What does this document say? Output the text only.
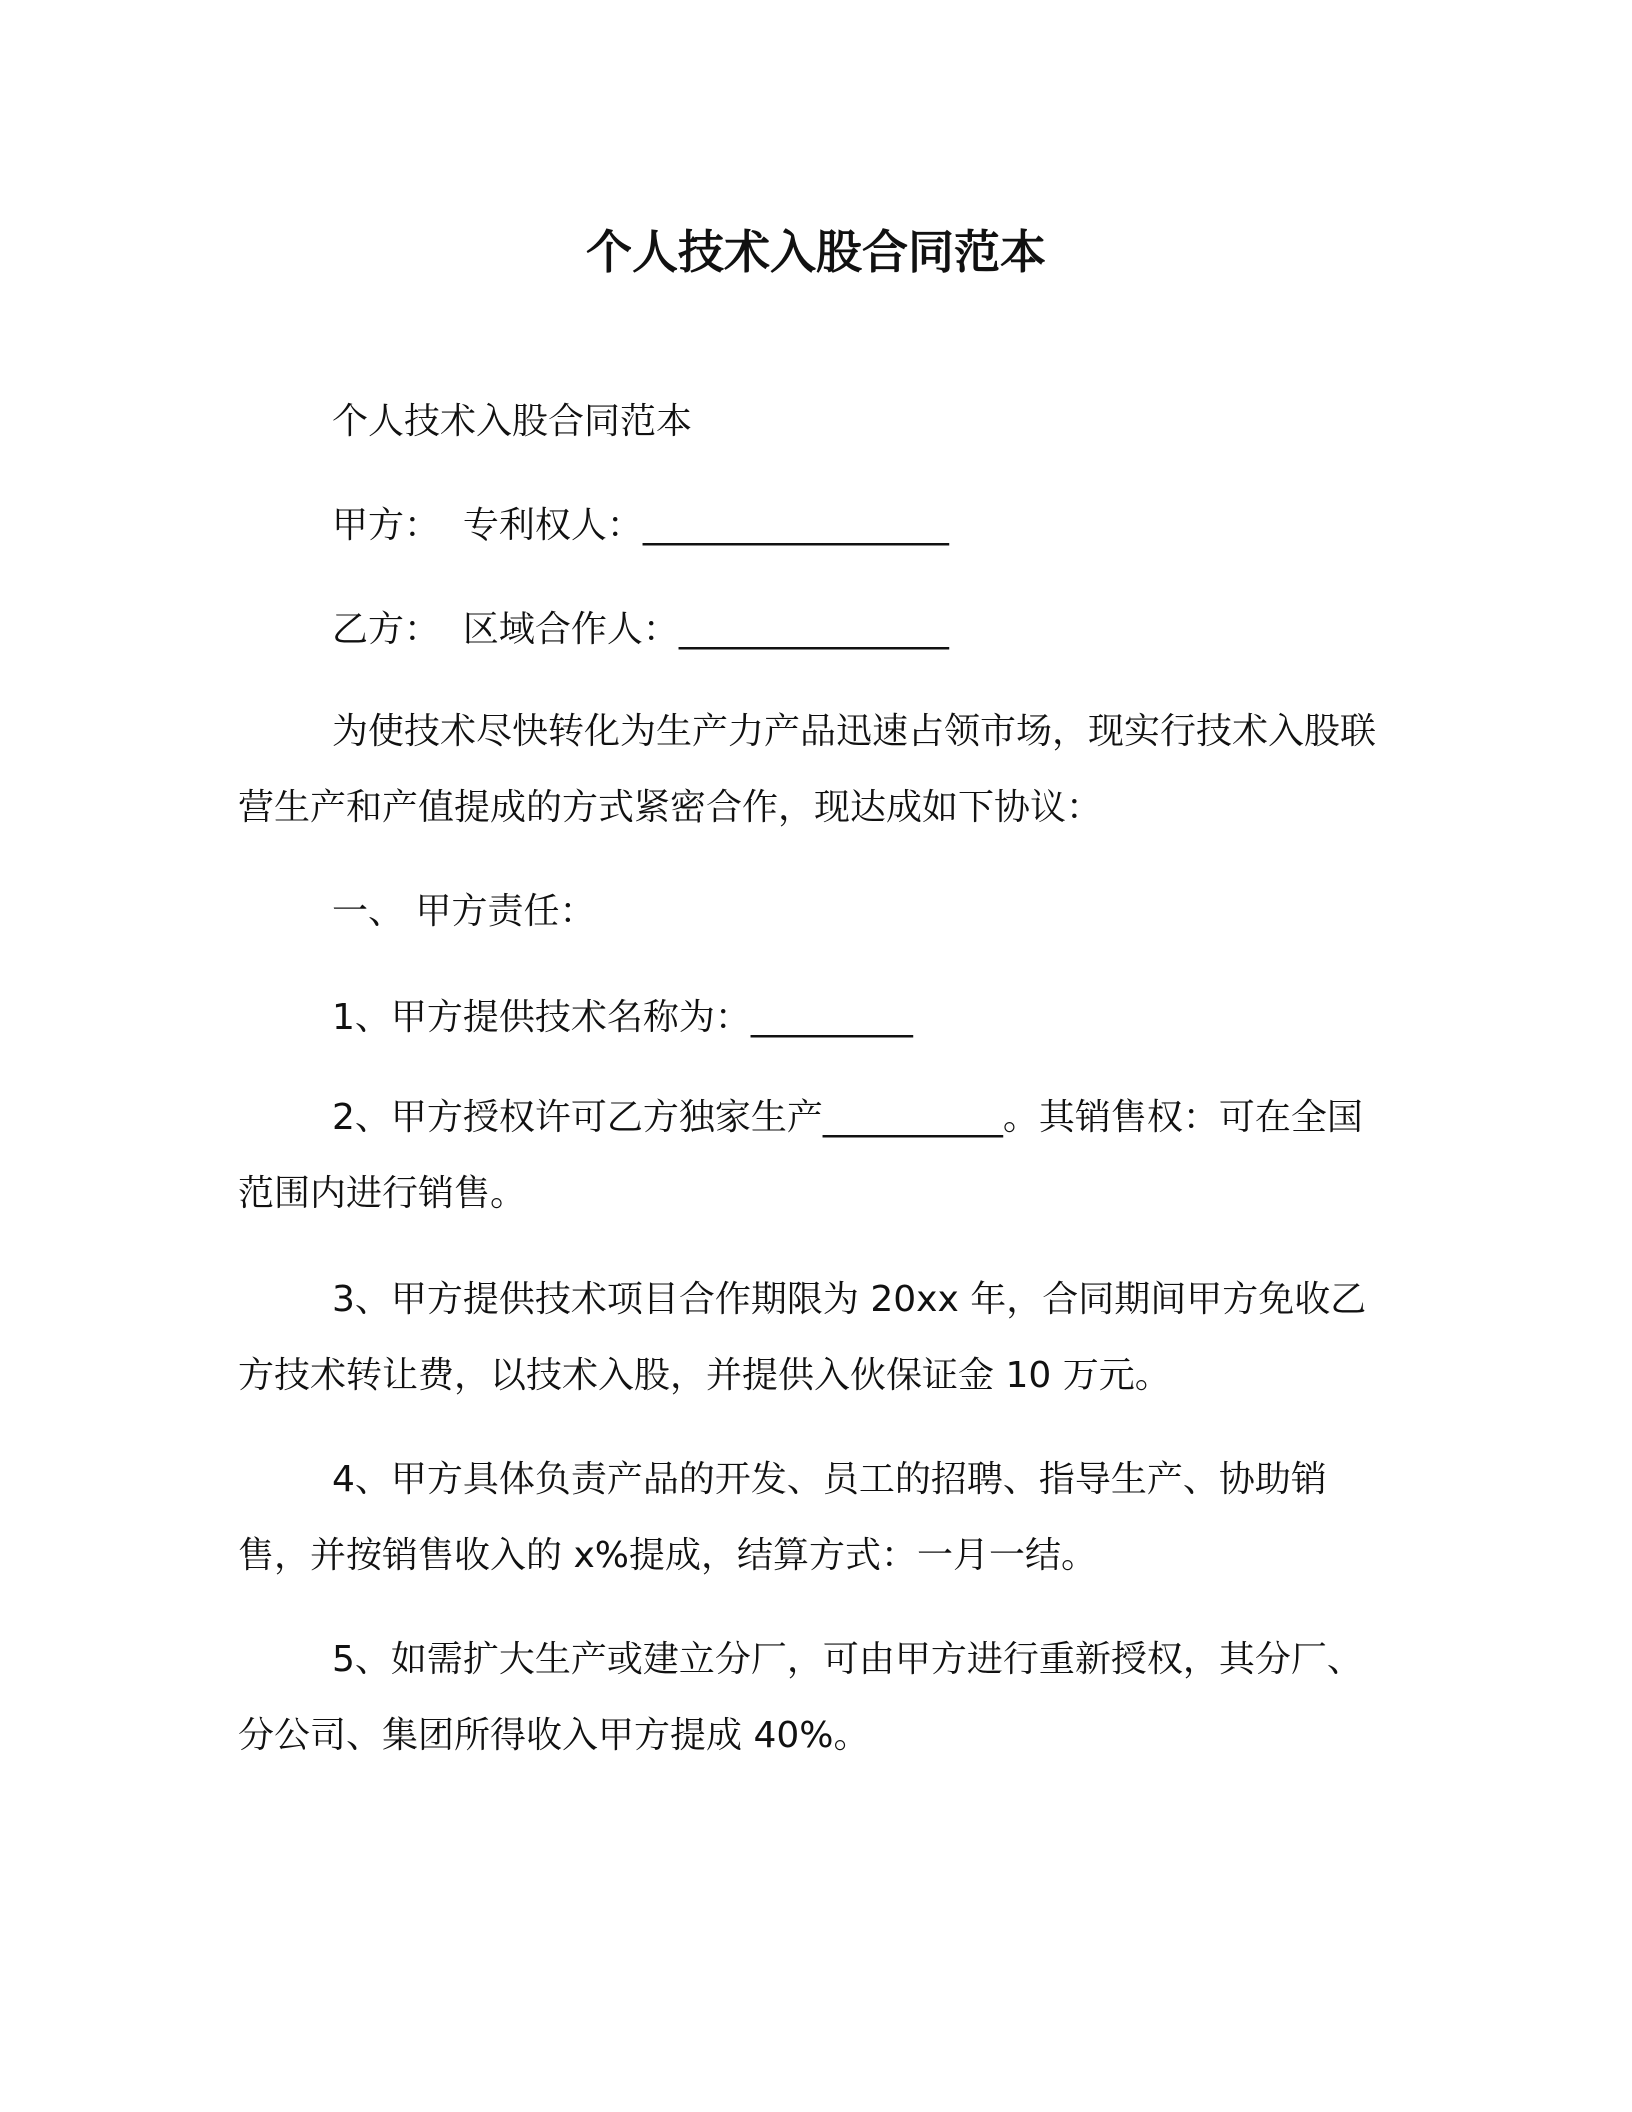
个人技术入股合同范本

个人技术入股合同范本

甲方：  专利权人：_________________

乙方：  区域合作人：_______________

为使技术尽快转化为生产力产品迅速占领市场，现实行技术入股联营生产和产值提成的方式紧密合作，现达成如下协议：

一、 甲方责任：

1、甲方提供技术名称为：_________

2、甲方授权许可乙方独家生产__________。其销售权：可在全国范围内进行销售。

3、甲方提供技术项目合作期限为 20xx 年，合同期间甲方免收乙方技术转让费，以技术入股，并提供入伙保证金 10 万元。

4、甲方具体负责产品的开发、员工的招聘、指导生产、协助销售，并按销售收入的 x%提成，结算方式：一月一结。

5、如需扩大生产或建立分厂，可由甲方进行重新授权，其分厂、分公司、集团所得收入甲方提成 40%。
